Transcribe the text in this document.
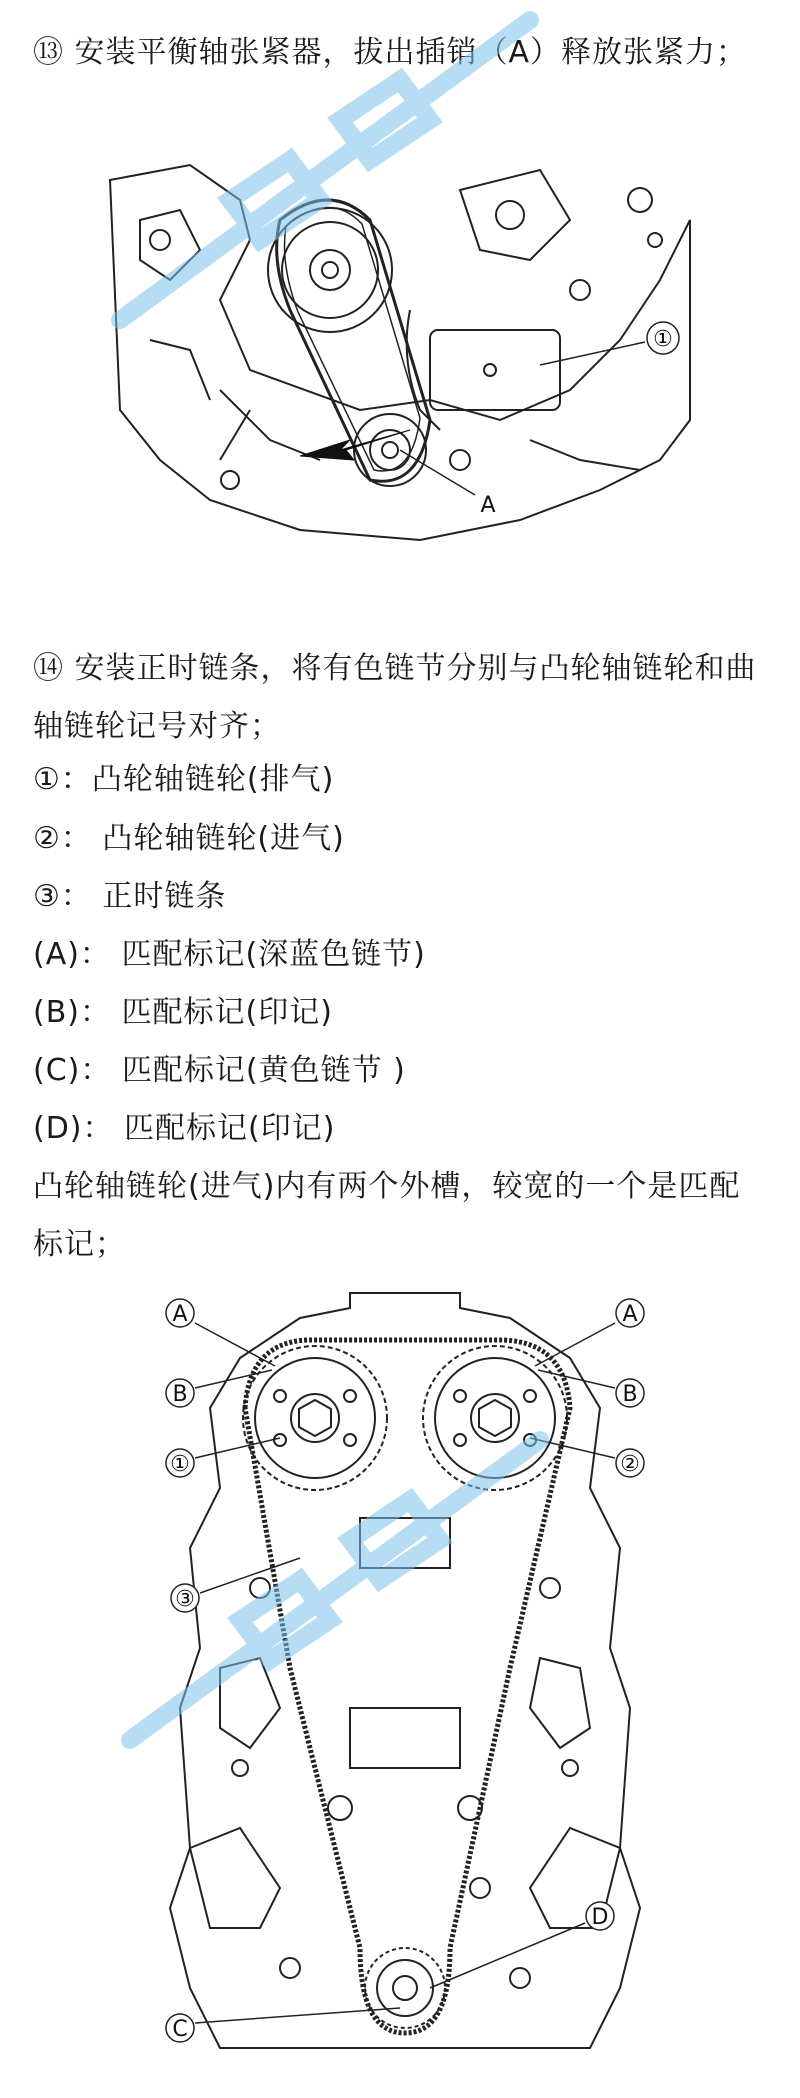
⑬ 安装平衡轴张紧器，拔出插销（A）释放张紧力；

①
A

⑭ 安装正时链条，将有色链节分别与凸轮轴链轮和曲轴链轮记号对齐；

①：凸轮轴链轮(排气)

②： 凸轮轴链轮(进气)

③： 正时链条

(A)： 匹配标记(深蓝色链节)

(B)： 匹配标记(印记)

(C)： 匹配标记(黄色链节 )

(D)： 匹配标记(印记)

凸轮轴链轮(进气)内有两个外槽，较宽的一个是匹配标记；

A	A
B	B
①	②
③
D
C
